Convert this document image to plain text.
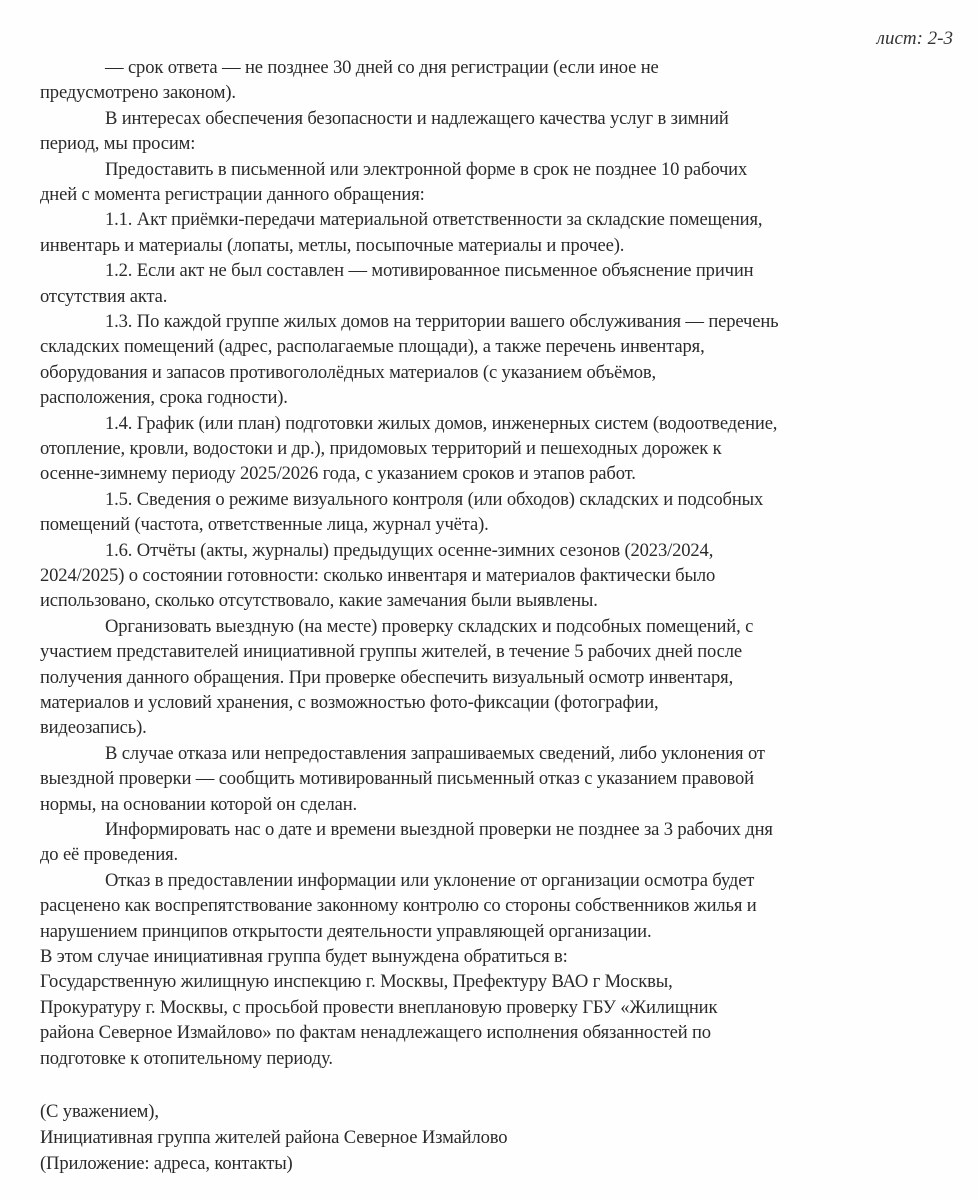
лист: 2-3
— срок ответа — не позднее 30 дней со дня регистрации (если иное не
предусмотрено законом).
В интересах обеспечения безопасности и надлежащего качества услуг в зимний
период, мы просим:
Предоставить в письменной или электронной форме в срок не позднее 10 рабочих
дней с момента регистрации данного обращения:
1.1. Акт приёмки-передачи материальной ответственности за складские помещения,
инвентарь и материалы (лопаты, метлы, посыпочные материалы и прочее).
1.2. Если акт не был составлен — мотивированное письменное объяснение причин
отсутствия акта.
1.3. По каждой группе жилых домов на территории вашего обслуживания — перечень
складских помещений (адрес, располагаемые площади), а также перечень инвентаря,
оборудования и запасов противогололёдных материалов (с указанием объёмов,
расположения, срока годности).
1.4. График (или план) подготовки жилых домов, инженерных систем (водоотведение,
отопление, кровли, водостоки и др.), придомовых территорий и пешеходных дорожек к
осенне-зимнему периоду 2025/2026 года, с указанием сроков и этапов работ.
1.5. Сведения о режиме визуального контроля (или обходов) складских и подсобных
помещений (частота, ответственные лица, журнал учёта).
1.6. Отчёты (акты, журналы) предыдущих осенне-зимних сезонов (2023/2024,
2024/2025) о состоянии готовности: сколько инвентаря и материалов фактически было
использовано, сколько отсутствовало, какие замечания были выявлены.
Организовать выездную (на месте) проверку складских и подсобных помещений, с
участием представителей инициативной группы жителей, в течение 5 рабочих дней после
получения данного обращения. При проверке обеспечить визуальный осмотр инвентаря,
материалов и условий хранения, с возможностью фото-фиксации (фотографии,
видеозапись).
В случае отказа или непредоставления запрашиваемых сведений, либо уклонения от
выездной проверки — сообщить мотивированный письменный отказ с указанием правовой
нормы, на основании которой он сделан.
Информировать нас о дате и времени выездной проверки не позднее за 3 рабочих дня
до её проведения.
Отказ в предоставлении информации или уклонение от организации осмотра будет
расценено как воспрепятствование законному контролю со стороны собственников жилья и
нарушением принципов открытости деятельности управляющей организации.
В этом случае инициативная группа будет вынуждена обратиться в:
Государственную жилищную инспекцию г. Москвы, Префектуру ВАО г Москвы,
Прокуратуру г. Москвы, с просьбой провести внеплановую проверку ГБУ «Жилищник
района Северное Измайлово» по фактам ненадлежащего исполнения обязанностей по
подготовке к отопительному периоду.
(С уважением),
Инициативная группа жителей района Северное Измайлово
(Приложение: адреса, контакты)
